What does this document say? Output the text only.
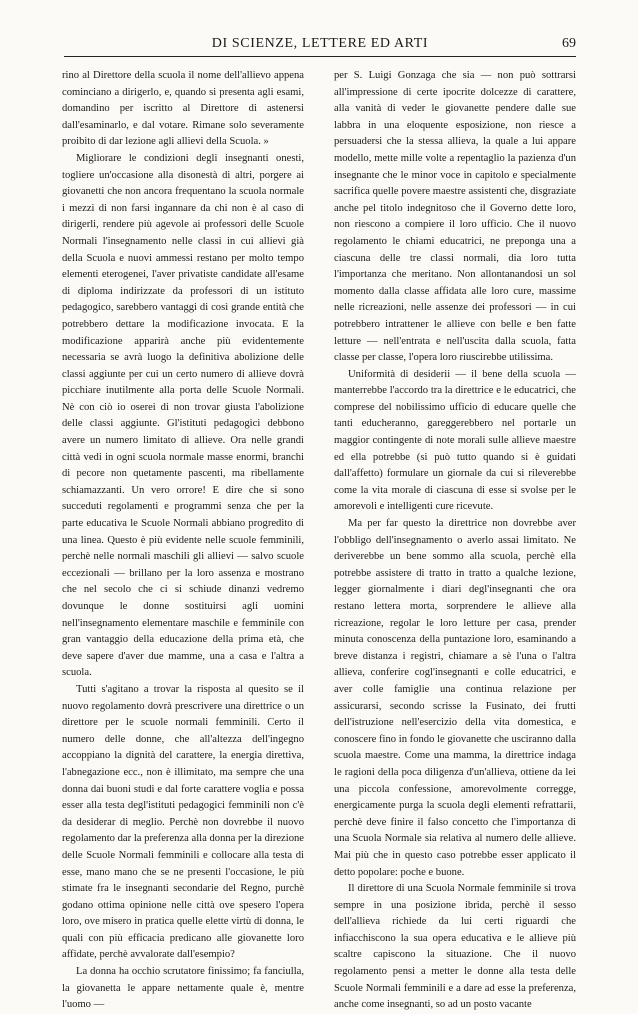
DI SCIENZE, LETTERE ED ARTI	69

rino al Direttore della scuola il nome dell'allievo appena cominciano a dirigerlo, e, quando si presenta agli esami, domandino per iscritto al Direttore di astenersi dall'esaminarlo, e dal votare. Rimane solo severamente proibito di dar lezione agli allievi della Scuola. »

Migliorare le condizioni degli insegnanti onesti, togliere un'occasione alla disonestà di altri, porgere ai giovanetti che non ancora frequentano la scuola normale i mezzi di non farsi ingannare da chi non è al caso di dirigerli, rendere più agevole ai professori delle Scuole Normali l'insegnamento nelle classi in cui allievi già della Scuola e nuovi ammessi restano per molto tempo elementi eterogenei, l'aver privatiste candidate all'esame di diploma indirizzate da professori di un istituto pedagogico, sarebbero vantaggi di così grande entità che potrebbero dettare la modificazione invocata. E la modificazione apparirà anche più evidentemente necessaria se avrà luogo la definitiva abolizione delle classi aggiunte per cui un certo numero di allieve dovrà picchiare inutilmente alla porta delle Scuole Normali. Nè con ciò io oserei di non trovar giusta l'abolizione delle classi aggiunte. Gl'istituti pedagogici debbono avere un numero limitato di allieve. Ora nelle grandi città vedi in ogni scuola normale masse enormi, branchi di pecore non quetamente pascenti, ma ribellamente schiamazzanti. Un vero orrore! E dire che si sono succeduti regolamenti e programmi senza che per la parte educativa le Scuole Normali abbiano progredito di una linea. Questo è più evidente nelle scuole femminili, perchè nelle normali maschili gli allievi — salvo scuole eccezionali — brillano per la loro assenza e mostrano che nel secolo che ci si schiude dinanzi vedremo dovunque le donne sostituirsi agli uomini nell'insegnamento elementare maschile e femminile con gran vantaggio della educazione della prima età, che deve sapere d'aver due mamme, una a casa e l'altra a scuola.

Tutti s'agitano a trovar la risposta al quesito se il nuovo regolamento dovrà prescrivere una direttrice o un direttore per le scuole normali femminili. Certo il numero delle donne, che all'altezza dell'ingegno accoppiano la dignità del carattere, la energia direttiva, l'abnegazione ecc., non è illimitato, ma sempre che una donna dai buoni studi e dal forte carattere voglia e possa esser alla testa degl'istituti pedagogici femminili non c'è da desiderar di meglio. Perchè non dovrebbe il nuovo regolamento dar la preferenza alla donna per la direzione delle Scuole Normali femminili e collocare alla testa di esse, mano mano che se ne presenti l'occasione, le più stimate fra le insegnanti secondarie del Regno, purchè godano ottima opinione nelle città ove spesero l'opera loro, ove misero in pratica quelle elette virtù di donna, le quali con più efficacia predicano alle giovanette loro affidate, perchè avvalorate dall'esempio?

La donna ha occhio scrutatore finissimo; fa fanciulla, la giovanetta le appare nettamente quale è, mentre l'uomo —

per S. Luigi Gonzaga che sia — non può sottrarsi all'impressione di certe ipocrite dolcezze di carattere, alla vanità di veder le giovanette pendere dalle sue labbra in una eloquente esposizione, non riesce a persuadersi che la stessa allieva, la quale a lui appare modello, mette mille volte a repentaglio la pazienza d'un insegnante che le minor voce in capitolo e specialmente sacrifica quelle povere maestre assistenti che, disgraziate anche pel titolo indegnitoso che il Governo dette loro, non riescono a compiere il loro ufficio. Che il nuovo regolamento le chiami educatrici, ne preponga una a ciascuna delle tre classi normali, dia loro tutta l'importanza che meritano. Non allontanandosi un sol momento dalla classe affidata alle loro cure, massime nelle ricreazioni, nelle assenze dei professori — in cui potrebbero intrattener le allieve con belle e ben fatte letture — nell'entrata e nell'uscita dalla scuola, fatta classe per classe, l'opera loro riuscirebbe utilissima.

Uniformità di desiderii — il bene della scuola — manterrebbe l'accordo tra la direttrice e le educatrici, che comprese del nobilissimo ufficio di educare quelle che tanti educheranno, gareggerebbero nel portarle un maggior contingente di note morali sulle allieve maestre ed ella potrebbe (si può tutto quando si è guidati dall'affetto) formulare un giornale da cui si rileverebbe come la vita morale di ciascuna di esse si svolse per le amorevoli e intelligenti cure ricevute.

Ma per far questo la direttrice non dovrebbe aver l'obbligo dell'insegnamento o averlo assai limitato. Ne deriverebbe un bene sommo alla scuola, perchè ella potrebbe assistere di tratto in tratto a qualche lezione, legger giornalmente i diari degl'insegnanti che ora restano lettera morta, sorprendere le allieve alla ricreazione, regolar le loro letture per casa, prender minuta conoscenza della puntazione loro, esaminando a breve distanza i registri, chiamare a sè l'una o l'altra allieva, conferire cogl'insegnanti e colle educatrici, e aver colle famiglie una continua relazione per assicurarsi, secondo scrisse la Fusinato, dei frutti dell'istruzione nell'esercizio della vita domestica, e conoscere fino in fondo le giovanette che usciranno dalla scuola maestre. Come una mamma, la direttrice indaga le ragioni della poca diligenza d'un'allieva, ottiene da lei una piccola confessione, amorevolmente corregge, energicamente purga la scuola degli elementi refrattarii, perchè deve finire il falso concetto che l'importanza di una Scuola Normale sia relativa al numero delle allieve. Mai più che in questo caso potrebbe esser applicato il detto popolare: poche e buone.

Il direttore di una Scuola Normale femminile si trova sempre in una posizione ibrida, perchè il sesso dell'allieva richiede da lui certi riguardi che infiacchiscono la sua opera educativa e le allieve più scaltre capiscono la situazione. Che il nuovo regolamento pensi a metter le donne alla testa delle Scuole Normali femminili e a dare ad esse la preferenza, anche come insegnanti, so ad un posto vacante
